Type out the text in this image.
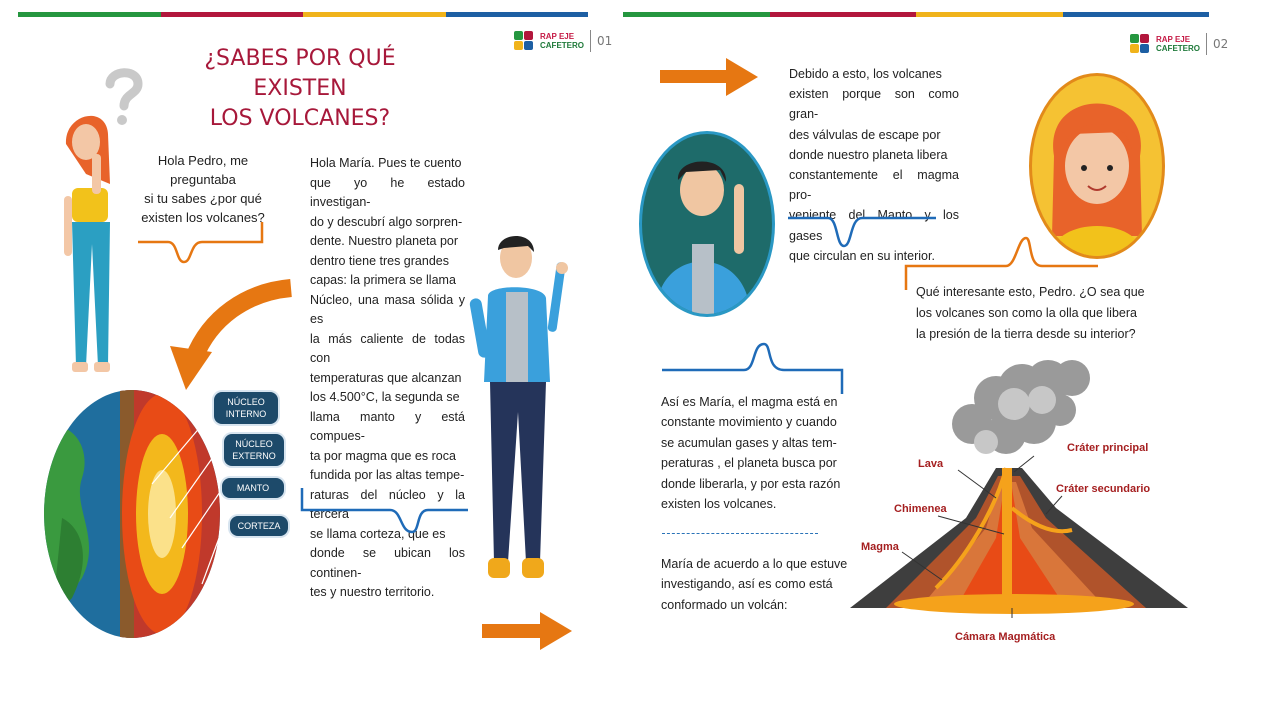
RAP EJE
CAFETERO 01
¿SABES POR QUÉ EXISTEN
LOS VOLCANES?
Hola Pedro, me
preguntaba
si tu sabes ¿por qué
existen los volcanes?
NÚCLEO INTERNO
NÚCLEO EXTERNO
MANTO
CORTEZA
Hola María. Pues te cuento
que yo he estado investigan-
do y descubrí algo sorpren-
dente. Nuestro planeta por
dentro tiene tres grandes
capas: la primera se llama
Núcleo, una masa sólida y es
la más caliente de todas con
temperaturas que alcanzan
los 4.500°C, la segunda se
llama manto y está compues-
ta por magma que es roca
fundida por las altas tempe-
raturas del núcleo y la tercera
se llama corteza, que es
donde se ubican los continen-
tes y nuestro territorio.
RAP EJE
CAFETERO 02
Debido a esto, los volcanes
existen porque son como gran-
des válvulas de escape por
donde nuestro planeta libera
constantemente el magma pro-
veniente del Manto y los gases
que circulan en su interior.
Qué interesante esto, Pedro. ¿O sea que
los volcanes son como la olla que libera
la presión de la tierra desde su interior?
Así es María, el magma está en
constante movimiento y cuando
se acumulan gases y altas tem-
peraturas , el planeta busca por
donde liberarla, y por esta razón
existen los volcanes.
María de acuerdo a lo que estuve
investigando, así es como está
conformado un volcán:
Lava
Cráter principal
Cráter secundario
Chimenea
Magma
Cámara Magmática
